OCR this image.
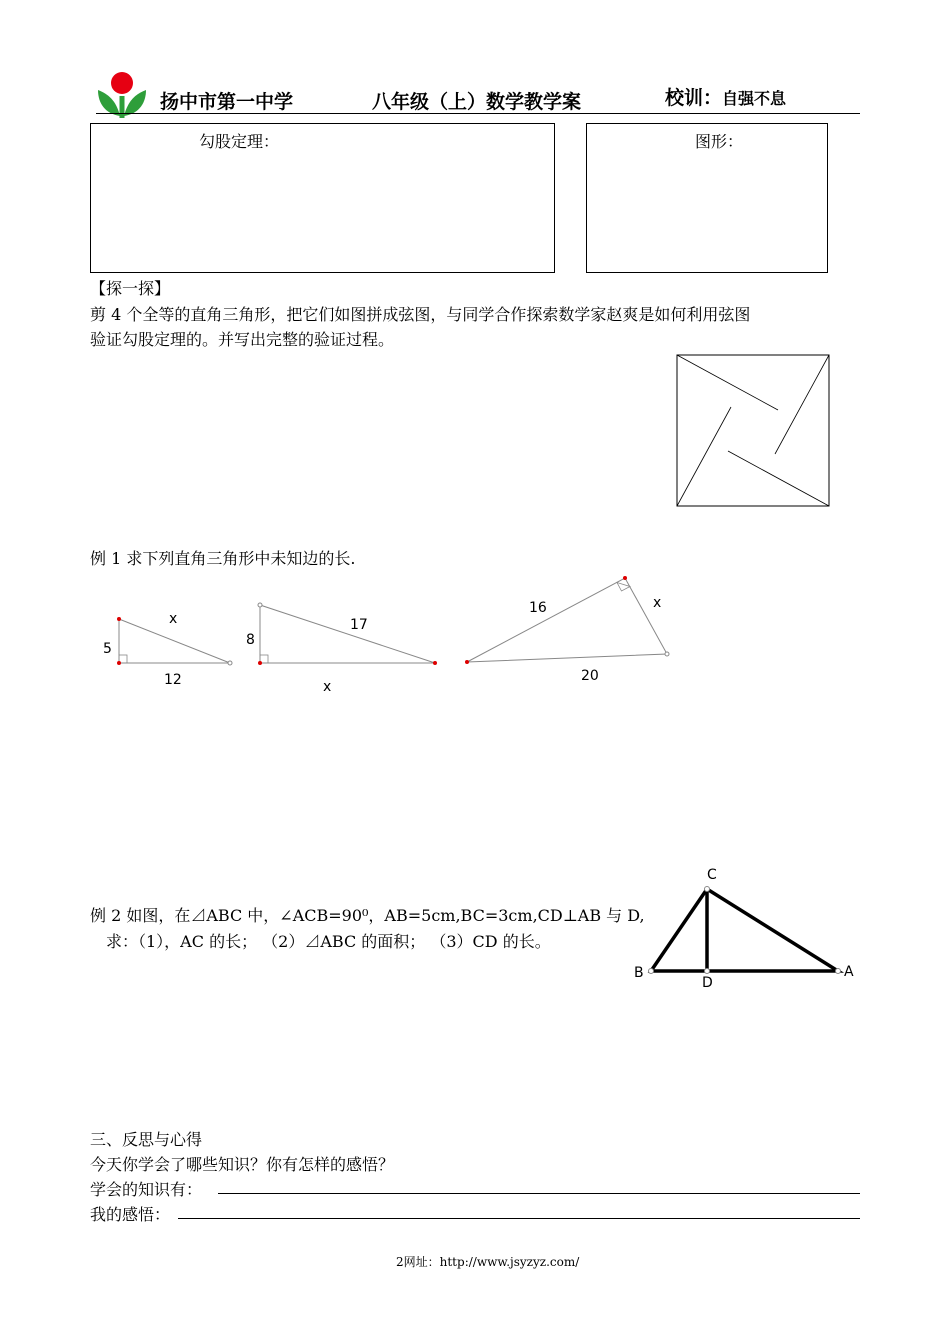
扬中市第一中学	八年级（上）数学教学案	校训：自强不息
勾股定理：	图形：
【探一探】
剪 4 个全等的直角三角形，把它们如图拼成弦图，与同学合作探索数学家赵爽是如何利用弦图
验证勾股定理的。并写出完整的验证过程。
例 1 求下列直角三角形中未知边的长.
5
12
x
8
x
17
16	x
20
例 2 如图，在⊿ABC 中，∠ACB=90⁰，AB=5cm,BC=3cm,CD⊥AB 与 D,
求：（1），AC 的长； （2）⊿ABC 的面积； （3）CD 的长。
C
B
D
A
三、反思与心得
今天你学会了哪些知识？你有怎样的感悟？
学会的知识有：
我的感悟：
2网址：http://www.jsyzyz.com/
